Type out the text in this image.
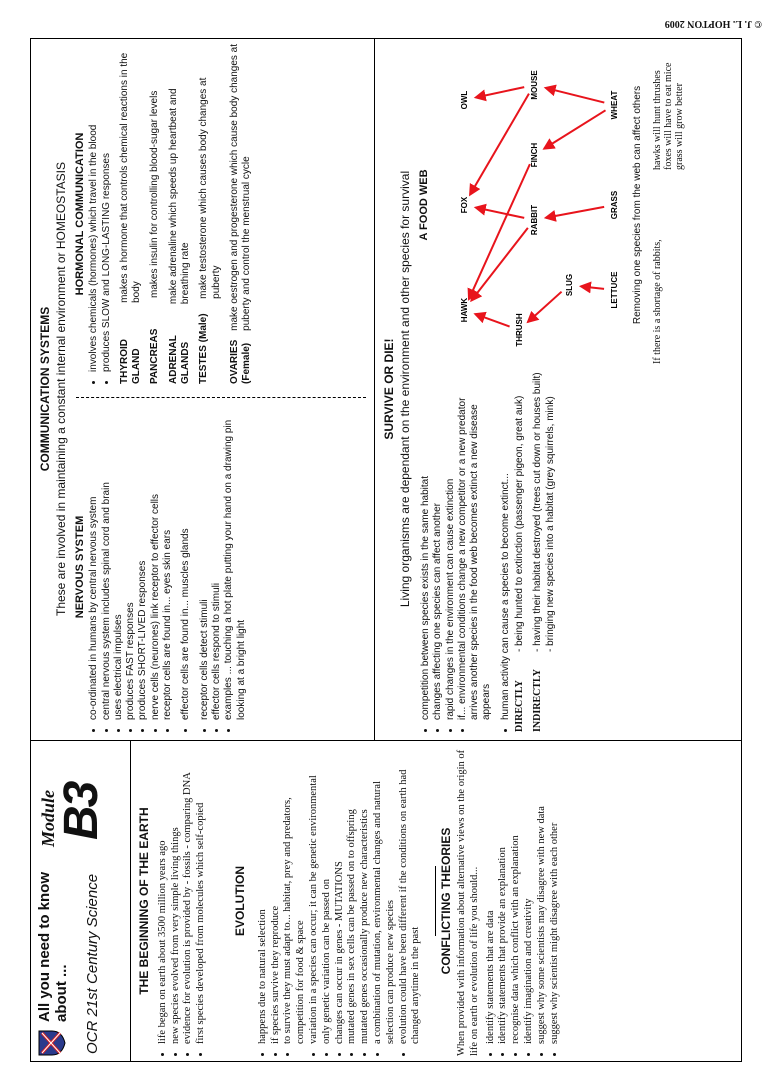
© J. L. HOPTON 2009
All you need to know about ... OCR 21st Century Science
Module
B3 THE BEGINNING OF THE EARTH • life began on earth about 3500 million years ago • new species evolved from very simple living things • evidence for evolution is provided by - fossils - comparing DNA • first species developed from molecules which self-copied EVOLUTION
• happens due to natural selection • if species survive they reproduce • to survive they must adapt to... habitat, prey and predators, competition for food & space • variation in a species can occur; it can be genetic environmental • only genetic variation can be passed on • changes can occur in genes - MUTATIONS • mutated genes in sex cells can be passed on to offspring • mutated genes occasionally produce new characteristics • a combination of mutation, environmental changes and natural selection can produce new species • evolution could have been different if the conditions on earth had changed anytime in the past
CONFLICTING THEORIES When provided with information about alternative views on the origin of life on earth or evolution of life you should... • identify statements that are data • identify statements that provide an explanation • recognise data which conflict with an explanation • identify imagination and creativity • suggest why some scientists may disagree with new data • suggest why scientist might disagree with each other
COMMUNICATION SYSTEMS These are involved in maintaining a constant internal environment or HOMEOSTASIS NERVOUS SYSTEM • co-ordinated in humans by central nervous system • central nervous system includes spinal cord and brain • uses electrical impulses • produces FAST responses • produces SHORT-LIVED responses • nerve cells (neurones) link receptor to effector cells • receptor cells are found in... eyes skin ears • effector cells are found in... muscles glands • receptor cells detect stimuli • effector cells respond to stimuli • examples ... touching a hot plate putting your hand on a drawing pin looking at a bright light
HORMONAL COMMUNICATION • involves chemicals (hormones) which travel in the blood • produces SLOW and LONG-LASTING responses THYROID GLAND
makes a hormone that controls chemical reactions in the body
PANCREAS
makes insulin for controlling blood-sugar levels
ADRENAL GLANDS
make adrenaline which speeds up heartbeat and breathing rate
TESTES (Male)
make testosterone which causes body changes at puberty
OVARIES (Female)
make oestrogen and progesterone which cause body changes at puberty and control the menstrual cycle
SURVIVE OR DIE! Living organisms are dependant on the environment and other species for survival • competition between species exists in the same habitat • changes affecting one species can affect another • rapid changes in the environment can cause extinction • if... environmental conditions change a new competitor or a new predator arrives another species in the food web becomes extinct a new disease appears • human activity can cause a species to become extinct... DIRECTLY
- being hunted to extinction (passenger pigeon, great auk)
INDIRECTLY
- having their habitat destroyed (trees cut down or houses built) - bringing new species into a habitat (grey squirrels, mink)
A FOOD WEB
HAWK
FOX
OWL
THRUSH
RABBIT
FINCH
MOUSE
SLUG	LETTUCE
GRASS
WHEAT Removing one species from the web can affect others If there is a shortage of rabbits,
hawks will hunt thrushes foxes will have to eat mice grass will grow better
